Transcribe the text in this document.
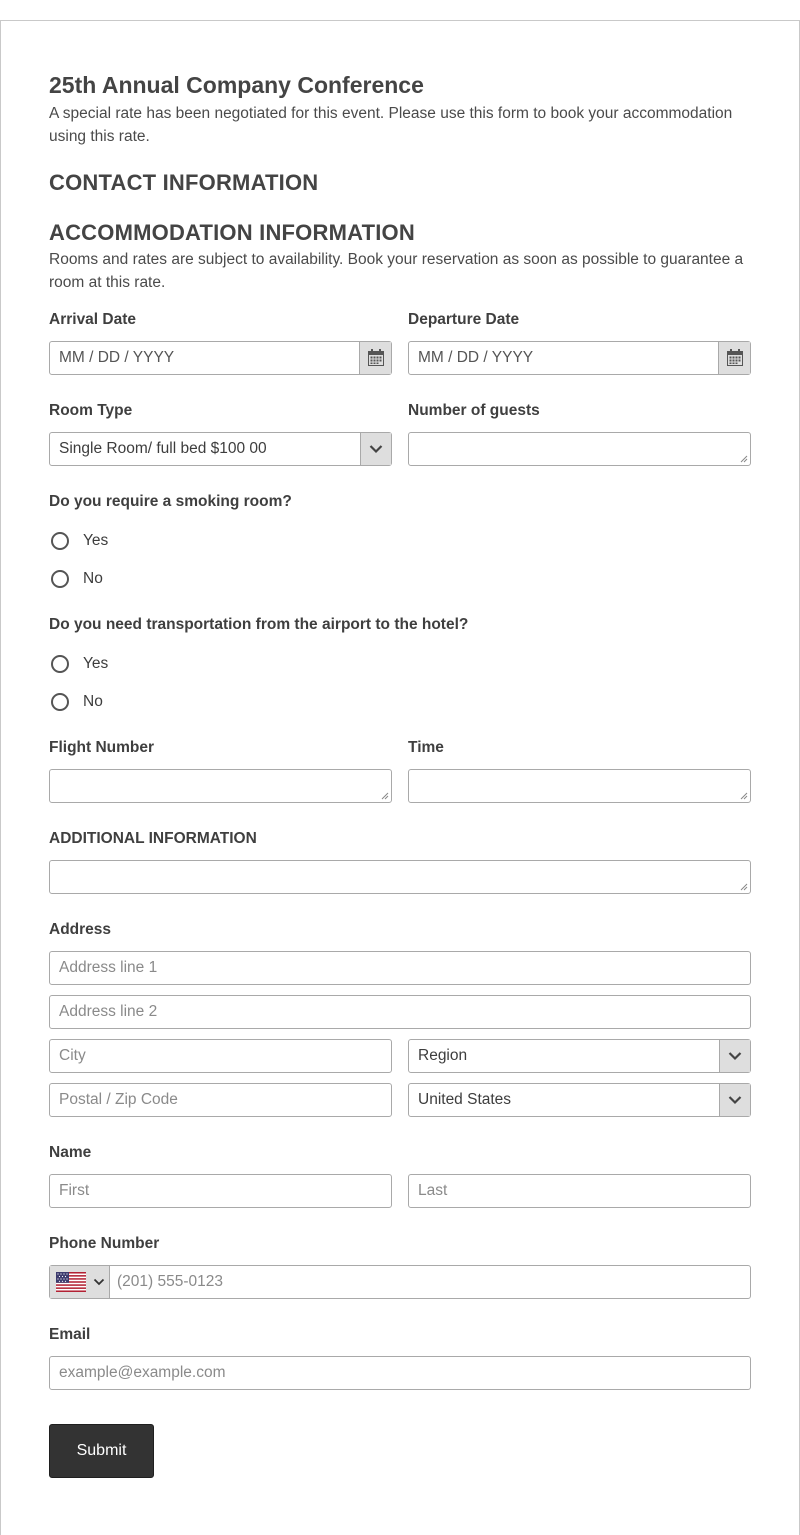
25th Annual Company Conference
A special rate has been negotiated for this event. Please use this form to book your accommodation using this rate.
CONTACT INFORMATION
ACCOMMODATION INFORMATION
Rooms and rates are subject to availability. Book your reservation as soon as possible to guarantee a room at this rate.
Arrival Date
MM / DD / YYYY
Departure Date
MM / DD / YYYY
Room Type
Single Room/ full bed $100 00
Number of guests
Do you require a smoking room?
Yes
No
Do you need transportation from the airport to the hotel?
Yes
No
Flight Number	Time
ADDITIONAL INFORMATION
Address
Address line 1
Address line 2
City	Region
Postal / Zip Code	United States
Name
First	Last
Phone Number
(201) 555-0123
Email
example@example.com
Submit
